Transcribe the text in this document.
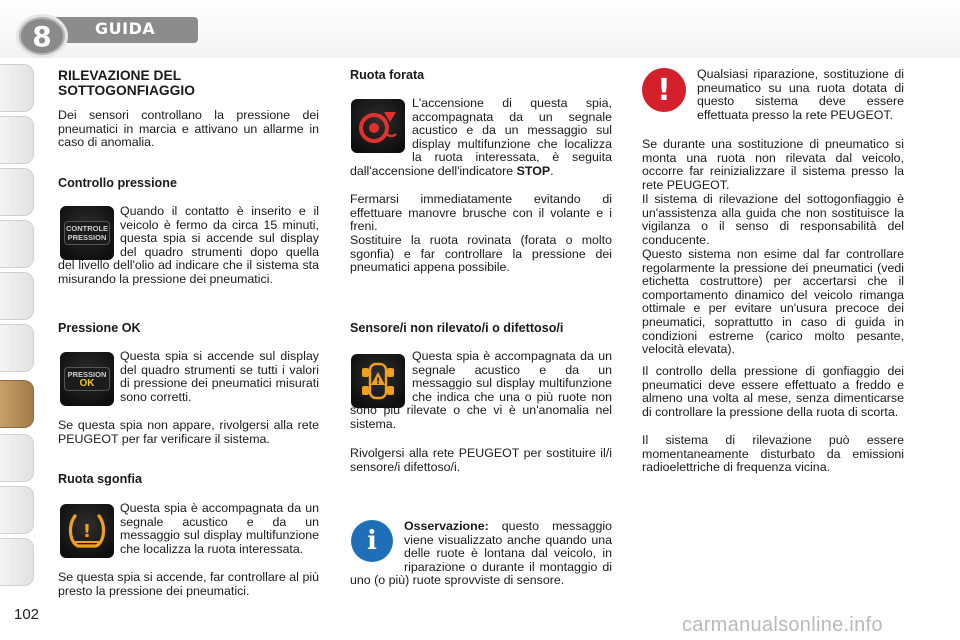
8	GUIDA
RILEVAZIONE DEL SOTTOGONFIAGGIO
Dei sensori controllano la pressione dei pneumatici in marcia e attivano un allarme in caso di anomalia.
Controllo pressione
CONTROLE
PRESSION
Quando il contatto è inserito e il veicolo è fermo da circa 15 minuti, questa spia si accende sul display del quadro strumenti dopo quella del livello dell'olio ad indicare che il sistema sta misurando la pressione dei pneumatici.
Pressione OK
PRESSION
OK
Questa spia si accende sul display del quadro strumenti se tutti i valori di pressione dei pneumatici misurati sono corretti.
Se questa spia non appare, rivolgersi alla rete PEUGEOT per far verificare il sistema.
Ruota sgonfia
!
Questa spia è accompagnata da un segnale acustico e da un messaggio sul display multifunzione che localizza la ruota interessata.
Se questa spia si accende, far controllare al più presto la pressione dei pneumatici.
Ruota forata
L'accensione di questa spia, accompagnata da un segnale acustico e da un messaggio sul display multifunzione che localizza la ruota interessata, è seguita dall'accensione dell'indicatore STOP.
Fermarsi immediatamente evitando di effettuare manovre brusche con il volante e i freni.
Sostituire la ruota rovinata (forata o molto sgonfia) e far controllare la pressione dei pneumatici appena possibile.
Sensore/i non rilevato/i o difettoso/i
!
Questa spia è accompagnata da un segnale acustico e da un messaggio sul display multifunzione che indica che una o più ruote non sono più rilevate o che vi è un'anomalia nel sistema.
Rivolgersi alla rete PEUGEOT per sostituire il/i sensore/i difettoso/i.
i	Osservazione: questo messaggio viene visualizzato anche quando una delle ruote è lontana dal veicolo, in riparazione o durante il montaggio di uno (o più) ruote sprovviste di sensore.
!	Qualsiasi riparazione, sostituzione di pneumatico su una ruota dotata di questo sistema deve essere effettuata presso la rete PEUGEOT.
Se durante una sostituzione di pneumatico si monta una ruota non rilevata dal veicolo, occorre far reinizializzare il sistema presso la rete PEUGEOT.
Il sistema di rilevazione del sottogonfiaggio è un'assistenza alla guida che non sostituisce la vigilanza o il senso di responsabilità del conducente.
Questo sistema non esime dal far controllare regolarmente la pressione dei pneumatici (vedi etichetta costruttore) per accertarsi che il comportamento dinamico del veicolo rimanga ottimale e per evitare un'usura precoce dei pneumatici, soprattutto in caso di guida in condizioni estreme (carico molto pesante, velocità elevata).
Il controllo della pressione di gonfiaggio dei pneumatici deve essere effettuato a freddo e almeno una volta al mese, senza dimenticarse di controllare la pressione della ruota di scorta.
Il sistema di rilevazione può essere momentaneamente disturbato da emissioni radioelettriche di frequenza vicina.
102	carmanualsonline.info
